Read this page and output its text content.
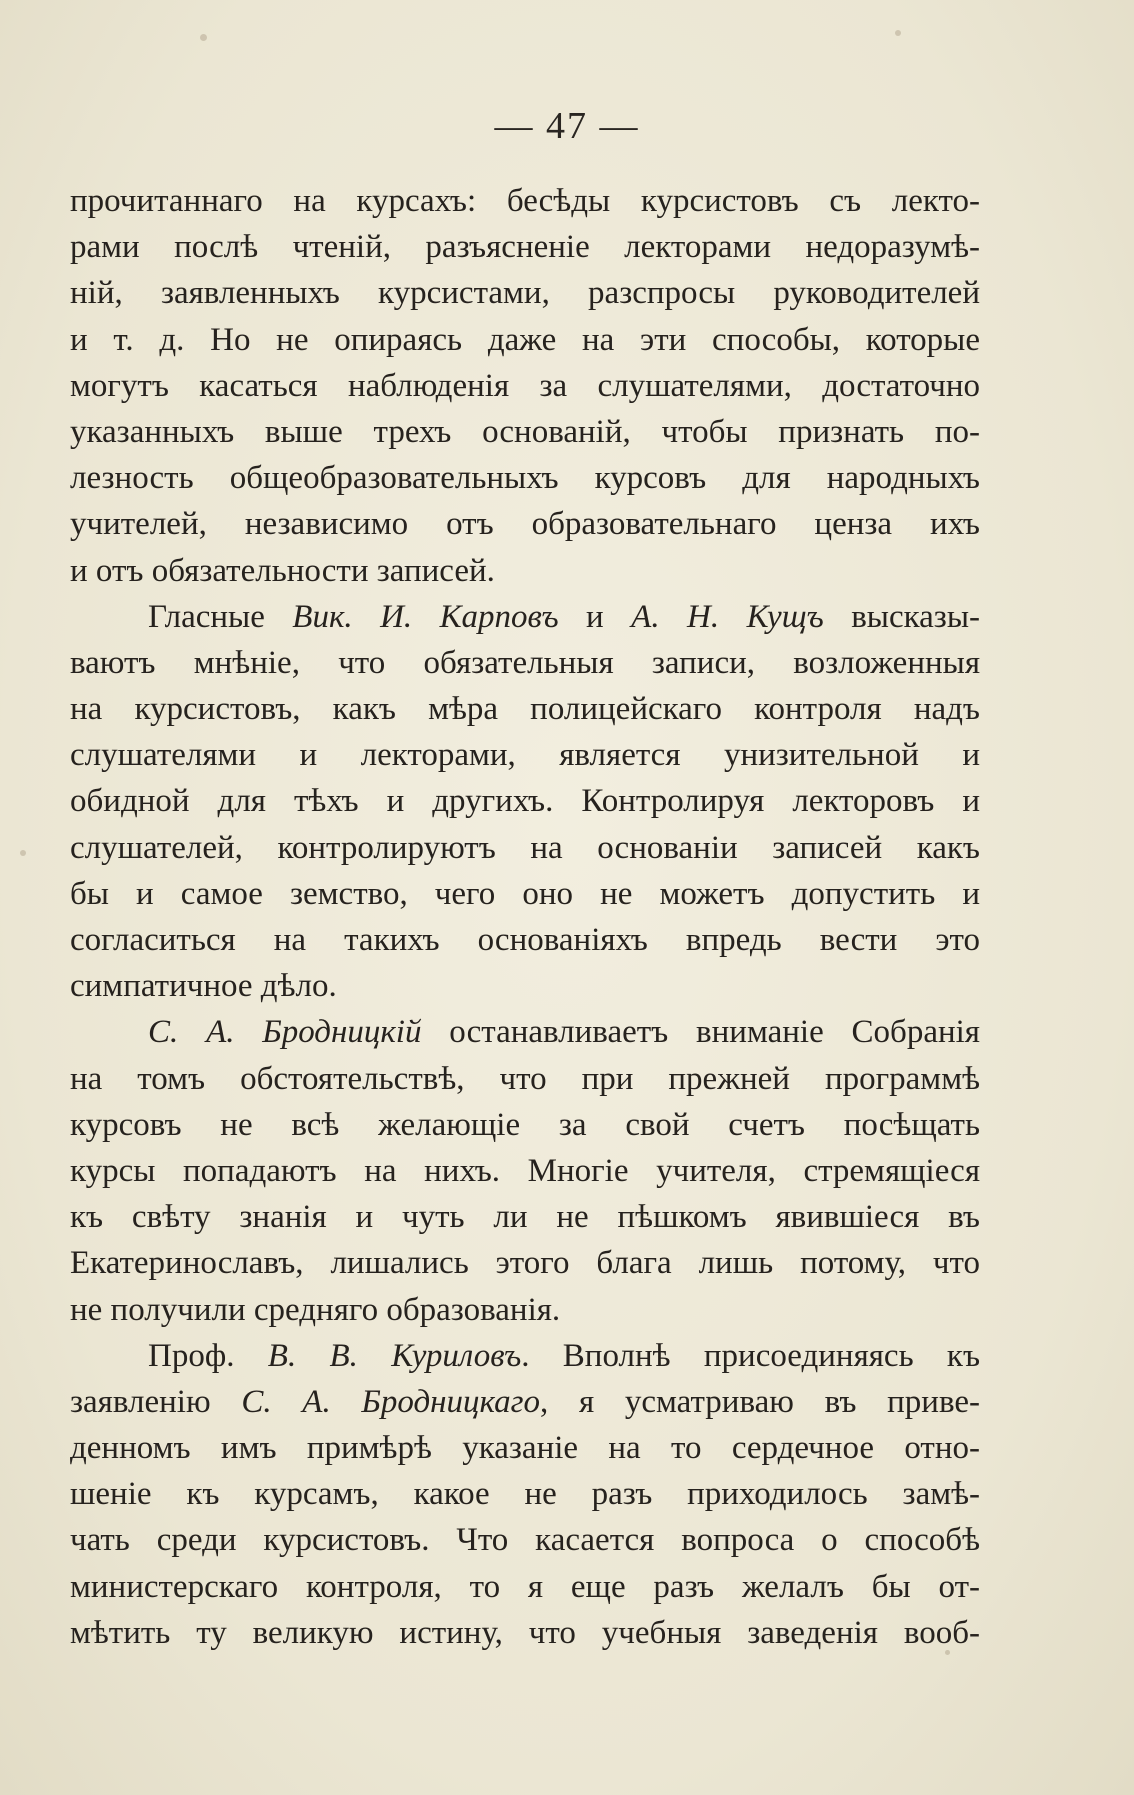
— 47 —
прочитаннаго на курсахъ: бесѣды курсистовъ съ лекто-
рами послѣ чтеній, разъясненіе лекторами недоразумѣ-
ній, заявленныхъ курсистами, разспросы руководителей
и т. д. Но не опираясь даже на эти способы, которые
могутъ касаться наблюденія за слушателями, достаточно
указанныхъ выше трехъ основаній, чтобы признать по-
лезность общеобразовательныхъ курсовъ для народныхъ
учителей, независимо отъ образовательнаго ценза ихъ
и отъ обязательности записей.
Гласные Вик. И. Карповъ и А. Н. Кущъ высказы-
ваютъ мнѣніе, что обязательныя записи, возложенныя
на курсистовъ, какъ мѣра полицейскаго контроля надъ
слушателями и лекторами, является унизительной и
обидной для тѣхъ и другихъ. Контролируя лекторовъ и
слушателей, контролируютъ на основаніи записей какъ
бы и самое земство, чего оно не можетъ допустить и
согласиться на такихъ основаніяхъ впредь вести это
симпатичное дѣло.
С. А. Бродницкій останавливаетъ вниманіе Собранія
на томъ обстоятельствѣ, что при прежней программѣ
курсовъ не всѣ желающіе за свой счетъ посѣщать
курсы попадаютъ на нихъ. Многіе учителя, стремящіеся
къ свѣту знанія и чуть ли не пѣшкомъ явившіеся въ
Екатеринославъ, лишались этого блага лишь потому, что
не получили средняго образованія.
Проф. В. В. Куриловъ. Вполнѣ присоединяясь къ
заявленію С. А. Бродницкаго, я усматриваю въ приве-
денномъ имъ примѣрѣ указаніе на то сердечное отно-
шеніе къ курсамъ, какое не разъ приходилось замѣ-
чать среди курсистовъ. Что касается вопроса о способѣ
министерскаго контроля, то я еще разъ желалъ бы от-
мѣтить ту великую истину, что учебныя заведенія вооб-
